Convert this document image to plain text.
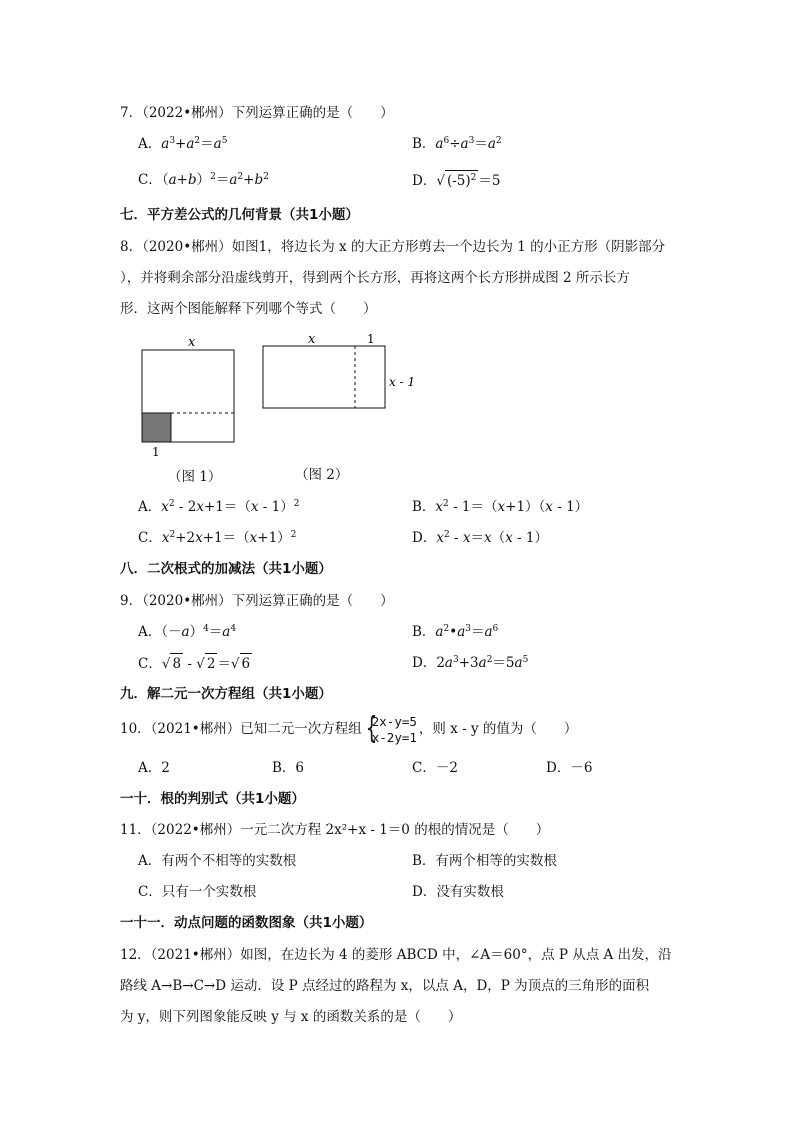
7．（2022•郴州）下列运算正确的是（　　）
A．$a^3+a^2=a^5$	B．$a^6\div a^3=a^2$
C．$(a+b)^2=a^2+b^2$	D．√ $(-5)^2 =5$
七．平方差公式的几何背景（共1小题）
8．（2020•郴州）如图1，将边长为 x 的大正方形剪去一个边长为 1 的小正方形（阴影部分
），并将剩余部分沿虚线剪开，得到两个长方形，再将这两个长方形拼成图 2 所示长方
形．这两个图能解释下列哪个等式（　　）
x
1
x	1
x - 1
（图 1）	（图 2）
A．$x^2 - 2x+1=(x - 1)^2$	B．$x^2 - 1=(x+1)(x - 1)$
C．$x^2+2x+1=(x+1)^2$	D．$x^2 - x=x(x - 1)$
八．二次根式的加减法（共1小题）
9．（2020•郴州）下列运算正确的是（　　）
A．$(-a)^4=a^4$	B．$a^2•a^3=a^6$
C．√ 8 - √ 2 ＝√ 6	D．$2a^3+3a^2=5a^5$
九．解二元一次方程组（共1小题）
10．（2021•郴州）已知二元一次方程组 {
2x-y=5
x-2y=1 ，则 x - y 的值为（　　）
A．2	B．6	C．－2	D．－6
一十．根的判别式（共1小题）
11．（2022•郴州）一元二次方程 2x²+x - 1＝0 的根的情况是（　　）
A．有两个不相等的实数根	B．有两个相等的实数根
C．只有一个实数根	D．没有实数根
一十一．动点问题的函数图象（共1小题）
12．（2021•郴州）如图，在边长为 4 的菱形 ABCD 中，∠A＝60°，点 P 从点 A 出发，沿
路线 A→B→C→D 运动．设 P 点经过的路程为 x，以点 A，D，P 为顶点的三角形的面积
为 y，则下列图象能反映 y 与 x 的函数关系的是（　　）
